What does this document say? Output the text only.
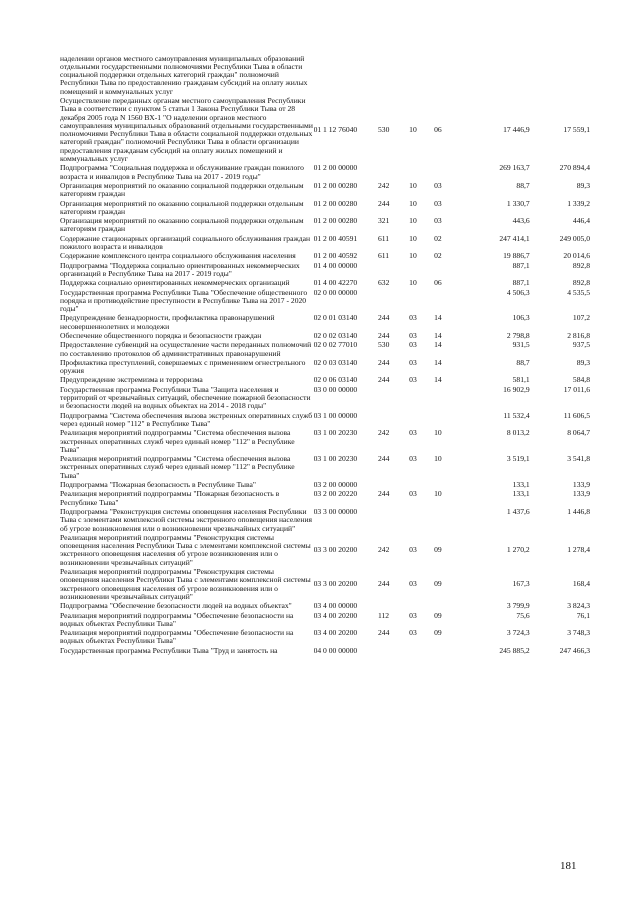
наделении органов местного самоуправления муниципальных образований отдельными государственными полномочиями Республики Тыва в области социальной поддержки отдельных категорий граждан" полномочий Республики Тыва по предоставлению гражданам субсидий на оплату жилых помещений и коммунальных услуг						
Осуществление переданных органам местного самоуправления Республики Тыва в соответствии с пунктом 5 статьи 1 Закона Республики Тыва от 28 декабря 2005 года N 1560 ВХ-1 "О наделении органов местного самоуправления муниципальных образований отдельными государственными полномочиями Республики Тыва в области социальной поддержки отдельных категорий граждан" полномочий Республики Тыва в области организации предоставления гражданам субсидий на оплату жилых помещений и коммунальных услуг	01 1 12 76040	530	10	06	17 446,9	17 559,1
Подпрограмма "Социальная поддержка и обслуживание граждан пожилого возраста и инвалидов в Республике Тыва на 2017 - 2019 годы"	01 2 00 00000				269 163,7	270 894,4
Организация мероприятий по оказанию социальной поддержки отдельным категориям граждан	01 2 00 00280	242	10	03	88,7	89,3
Организация мероприятий по оказанию социальной поддержки отдельным категориям граждан	01 2 00 00280	244	10	03	1 330,7	1 339,2
Организация мероприятий по оказанию социальной поддержки отдельным категориям граждан	01 2 00 00280	321	10	03	443,6	446,4
Содержание стационарных организаций социального обслуживания граждан пожилого возраста и инвалидов	01 2 00 40591	611	10	02	247 414,1	249 005,0
Содержание комплексного центра социального обслуживания населения	01 2 00 40592	611	10	02	19 886,7	20 014,6
Подпрограмма "Поддержка социально ориентированных некоммерческих организаций в Республике Тыва на 2017 - 2019 годы"	01 4 00 00000				887,1	892,8
Поддержка социально ориентированных некоммерческих организаций	01 4 00 42270	632	10	06	887,1	892,8
Государственная программа Республики Тыва "Обеспечение общественного порядка и противодействие преступности в Республике Тыва на 2017 - 2020 годы"	02 0 00 00000				4 506,3	4 535,5
Предупреждение безнадзорности, профилактика правонарушений несовершеннолетних и молодежи	02 0 01 03140	244	03	14	106,3	107,2
Обеспечение общественного порядка и безопасности граждан	02 0 02 03140	244	03	14	2 798,8	2 816,8
Предоставление субвенций на осуществление части переданных полномочий по составлению протоколов об административных правонарушений	02 0 02 77010	530	03	14	931,5	937,5
Профилактика преступлений, совершаемых с применением огнестрельного оружия	02 0 03 03140	244	03	14	88,7	89,3
Предупреждение экстремизма и терроризма	02 0 06 03140	244	03	14	581,1	584,8
Государственная программа Республики Тыва "Защита населения и территорий от чрезвычайных ситуаций, обеспечение пожарной безопасности и безопасности людей на водных объектах на 2014 - 2018 годы"	03 0 00 00000				16 902,9	17 011,6
Подпрограмма "Система обеспечения вызова экстренных оперативных служб через единый номер "112" в Республике Тыва"	03 1 00 00000				11 532,4	11 606,5
Реализация мероприятий подпрограммы "Система обеспечения вызова экстренных оперативных служб через единый номер "112" в Республике Тыва"	03 1 00 20230	242	03	10	8 013,2	8 064,7
Реализация мероприятий подпрограммы "Система обеспечения вызова экстренных оперативных служб через единый номер "112" в Республике Тыва"	03 1 00 20230	244	03	10	3 519,1	3 541,8
Подпрограмма "Пожарная безопасность в Республике Тыва"	03 2 00 00000				133,1	133,9
Реализация мероприятий подпрограммы "Пожарная безопасность в Республике Тыва"	03 2 00 20220	244	03	10	133,1	133,9
Подпрограмма "Реконструкция системы оповещения населения Республики Тыва с элементами комплексной системы экстренного оповещения населения об угрозе возникновения или о возникновении чрезвычайных ситуаций"	03 3 00 00000				1 437,6	1 446,8
Реализация мероприятий подпрограммы "Реконструкция системы оповещения населения Республики Тыва с элементами комплексной системы экстренного оповещения населения об угрозе возникновения или о возникновении чрезвычайных ситуаций"	03 3 00 20200	242	03	09	1 270,2	1 278,4
Реализация мероприятий подпрограммы "Реконструкция системы оповещения населения Республики Тыва с элементами комплексной системы экстренного оповещения населения об угрозе возникновения или о возникновении чрезвычайных ситуаций"	03 3 00 20200	244	03	09	167,3	168,4
Подпрограмма "Обеспечение безопасности людей на водных объектах"	03 4 00 00000				3 799,9	3 824,3
Реализация мероприятий подпрограммы "Обеспечение безопасности на водных объектах Республики Тыва"	03 4 00 20200	112	03	09	75,6	76,1
Реализация мероприятий подпрограммы "Обеспечение безопасности на водных объектах Республики Тыва"	03 4 00 20200	244	03	09	3 724,3	3 748,3
Государственная программа Республики Тыва "Труд и занятость на	04 0 00 00000				245 885,2	247 466,3
181
